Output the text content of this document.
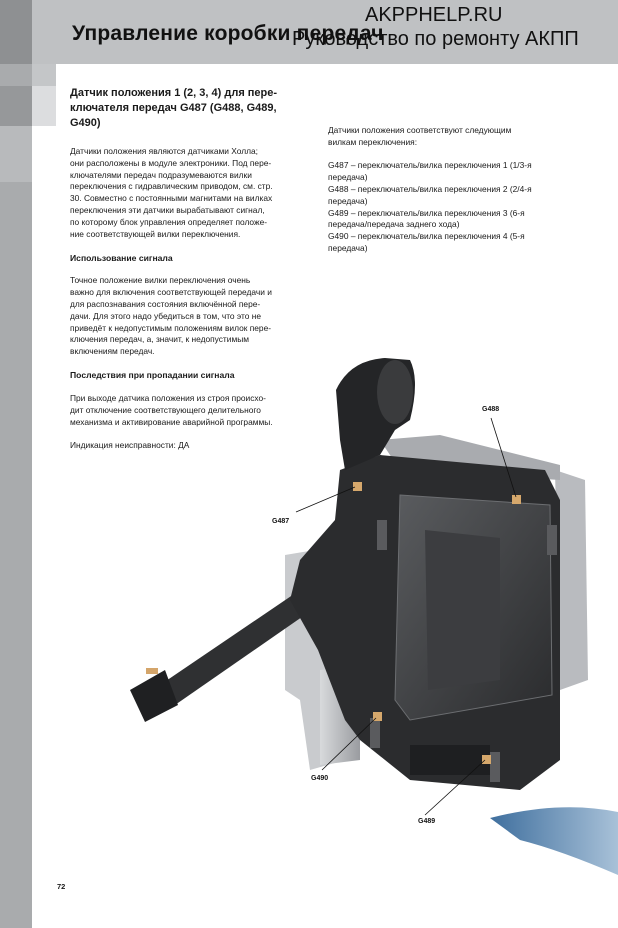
Управление коробки передач
AKPPHELP.RU
Руководство по ремонту АКПП
Датчик положения 1 (2, 3, 4) для пере-
ключателя передач G487 (G488, G489,
G490)
Датчики положения являются датчиками Холла;
они расположены в модуле электроники. Под пере-
ключателями передач подразумеваются вилки
переключения с гидравлическим приводом, см. стр.
30. Совместно с постоянными магнитами на вилках
переключения эти датчики вырабатывают сигнал,
по которому блок управления определяет положе-
ние соответствующей вилки переключения.
Использование сигнала
Точное положение вилки переключения очень
важно для включения соответствующей передачи и
для распознавания состояния включённой пере-
дачи. Для этого надо убедиться в том, что это не
приведёт к недопустимым положениям вилок пере-
ключения передач, а, значит, к недопустимым
включениям передач.
Последствия при пропадании сигнала
При выходе датчика положения из строя происхо-
дит отключение соответствующего делительного
механизма и активирование аварийной программы.
Индикация неисправности: ДА
Датчики положения соответствуют следующим
вилкам переключения:
G487 – переключатель/вилка переключения 1 (1/3-я
передача)
G488 – переключатель/вилка переключения 2 (2/4-я
передача)
G489 – переключатель/вилка переключения 3 (6-я
передача/передача заднего хода)
G490 – переключатель/вилка переключения 4 (5-я
передача)
G487
G488
G490
G489
72
